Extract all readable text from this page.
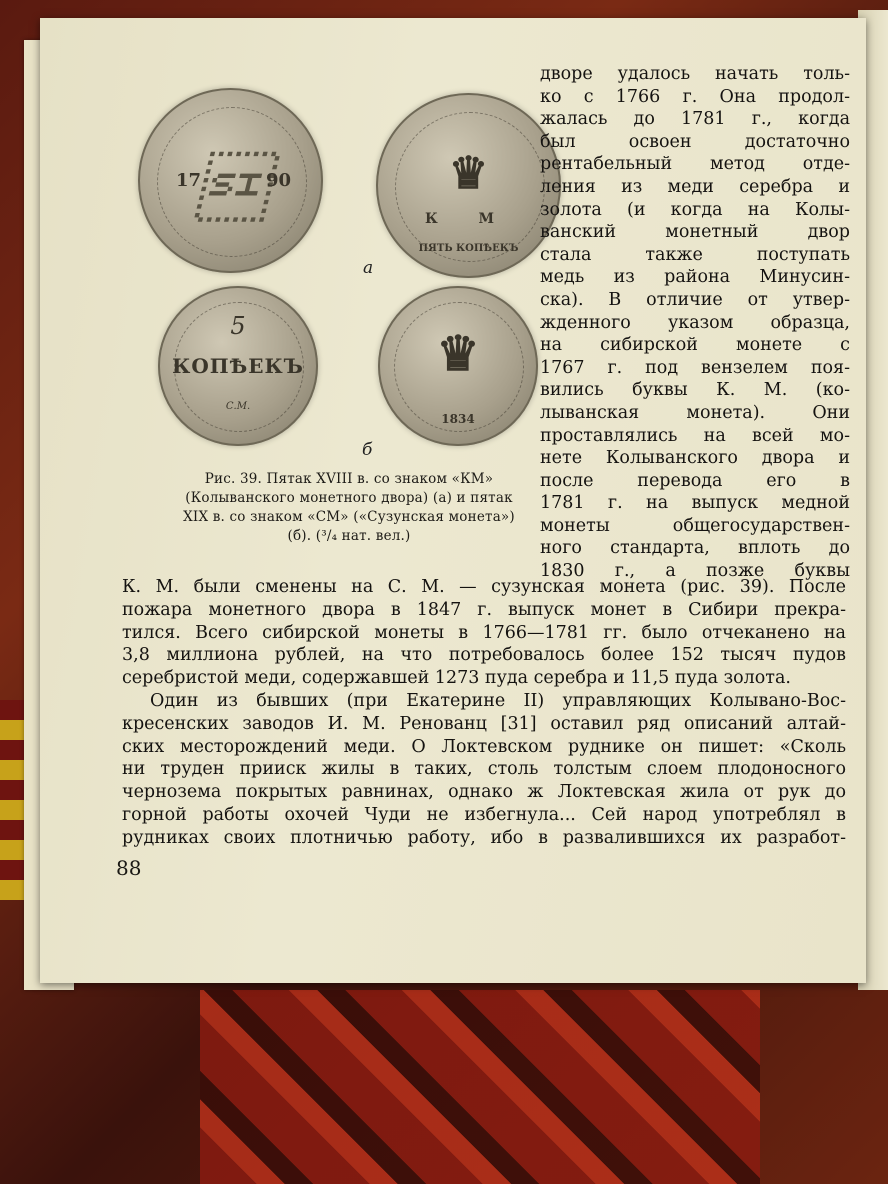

17	90	♛
К М
ПЯТЬ КОПѢЕКЪ
а
5
КОПѢЕКЪ
С.М.
♛
1834
б
Рис. 39. Пятак XVIII в. со знаком «КМ»
(Колыванского монетного двора) (а) и пятак
XIX в. со знаком «СМ» («Сузунская монета»)
(б). (³/₄ нат. вел.)
дворе удалось начать толь-
ко с 1766 г. Она продол-
жалась до 1781 г., когда
был освоен достаточно
рентабельный метод отде-
ления из меди серебра и
золота (и когда на Колы-
ванский монетный двор
стала также поступать
медь из района Минусин-
ска). В отличие от утвер-
жденного указом образца,
на сибирской монете с
1767 г. под вензелем поя-
вились буквы К. М. (ко-
лыванская монета). Они
проставлялись на всей мо-
нете Колыванского двора и
после перевода его в
1781 г. на выпуск медной
монеты общегосударствен-
ного стандарта, вплоть до
1830 г., а позже буквы
К. М. были сменены на С. М. — сузунская монета (рис. 39). После
пожара монетного двора в 1847 г. выпуск монет в Сибири прекра-
тился. Всего сибирской монеты в 1766—1781 гг. было отчеканено на
3,8 миллиона рублей, на что потребовалось более 152 тысяч пудов
серебристой меди, содержавшей 1273 пуда серебра и 11,5 пуда золота.
Один из бывших (при Екатерине II) управляющих Колывано-Вос-
кресенских заводов И. М. Ренованц [31] оставил ряд описаний алтай-
ских месторождений меди. О Локтевском руднике он пишет: «Сколь
ни труден прииск жилы в таких, столь толстым слоем плодоносного
чернозема покрытых равнинах, однако ж Локтевская жила от рук до
горной работы охочей Чуди не избегнула... Сей народ употреблял в
рудниках своих плотничью работу, ибо в развалившихся их разработ-
88
